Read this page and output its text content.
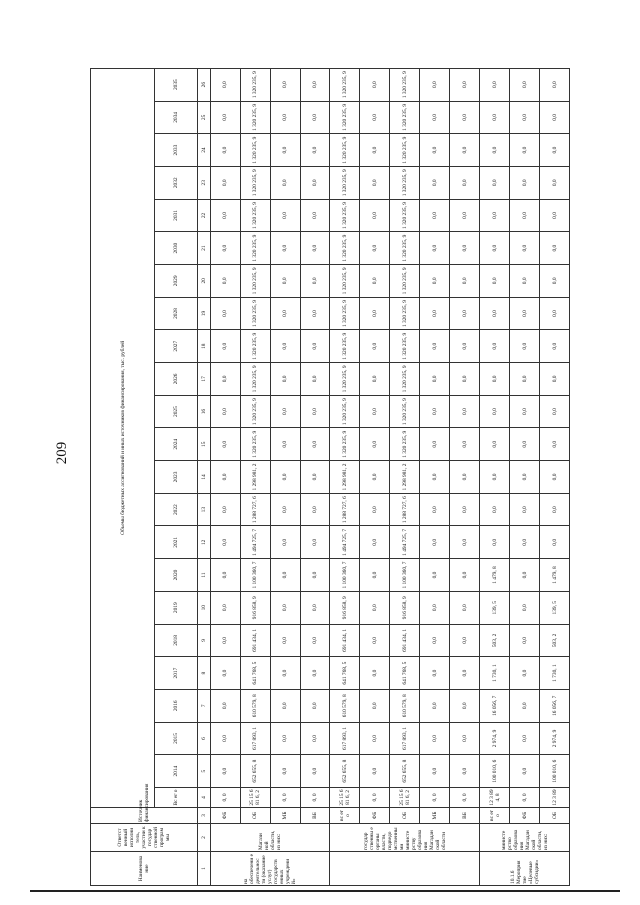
209
Наименова ние	Ответст венный исполни тель, участни к государ ственной програм мы	Источник финансирования	Объемы бюджетных ассигнований и иных источников финансирования, тыс. рублей																						
			Вс ег о	2014	2015	2016	2017	2018	2019	2020	2021	2022	2023	2024	2025	2026	2027	2028	2029	2030	2031	2032	2033	2034	2035
1	2	3	4	5	6	7	8	9	10	11	12	13	14	15	16	17	18	19	20	21	22	23	24	25	26
на обеспечени е деятельнос ти (оказание услуг) государств енных учреждени й»	Магази ной области, из них:	ФБ	0, 0	0,0	0,0	0,0	0,0	0,0	0,0	0,0	0,0	0,0	0,0	0,0	0,0	0,0	0,0	0,0	0,0	0,0	0,0	0,0	0,0	0,0	0,0
		ОБ	25 15 6 81 6, 2	652 655, 8	617 893, 1	610 579, 8	641 768, 5	691 434, 1	916 858, 9	1 100 360, 7	1 494 725, 7	1 288 727, 6	1 298 981, 2	1 320 235, 9	1 320 235, 9	1 320 235, 9	1 320 235, 9	1 320 235, 9	1 320 235, 9	1 320 235, 9	1 320 235, 9	1 320 235, 9	1 320 235, 9	1 320 235, 9	1 320 235, 9
		МБ	0, 0	0,0	0,0	0,0	0,0	0,0	0,0	0,0	0,0	0,0	0,0	0,0	0,0	0,0	0,0	0,0	0,0	0,0	0,0	0,0	0,0	0,0	0,0
		ВБ	0, 0	0,0	0,0	0,0	0,0	0,0	0,0	0,0	0,0	0,0	0,0	0,0	0,0	0,0	0,0	0,0	0,0	0,0	0,0	0,0	0,0	0,0	0,0
	государ ственны е органы власти, подведо мственны ми министе рству образова ния Магадан ской области	вс ег о	25 15 6 81 6, 2	652 655, 8	617 893, 1	610 579, 8	641 768, 5	691 434, 1	916 858, 9	1 100 360, 7	1 494 725, 7	1 288 727, 6	1 298 981, 2	1 320 235, 9	1 320 235, 9	1 320 235, 9	1 320 235, 9	1 320 235, 9	1 320 235, 9	1 320 235, 9	1 320 235, 9	1 320 235, 9	1 320 235, 9	1 320 235, 9	1 320 235, 9
		ФБ	0, 0	0,0	0,0	0,0	0,0	0,0	0,0	0,0	0,0	0,0	0,0	0,0	0,0	0,0	0,0	0,0	0,0	0,0	0,0	0,0	0,0	0,0	0,0
		ОБ	25 15 6 81 6, 2	652 655, 8	617 893, 1	610 579, 8	641 768, 5	691 434, 1	916 858, 9	1 100 360, 7	1 494 725, 7	1 288 727, 6	1 298 981, 2	1 320 235, 9	1 320 235, 9	1 320 235, 9	1 320 235, 9	1 320 235, 9	1 320 235, 9	1 320 235, 9	1 320 235, 9	1 320 235, 9	1 320 235, 9	1 320 235, 9	1 320 235, 9
		МБ	0, 0	0,0	0,0	0,0	0,0	0,0	0,0	0,0	0,0	0,0	0,0	0,0	0,0	0,0	0,0	0,0	0,0	0,0	0,0	0,0	0,0	0,0	0,0
		ВБ	0, 0	0,0	0,0	0,0	0,0	0,0	0,0	0,0	0,0	0,0	0,0	0,0	0,0	0,0	0,0	0,0	0,0	0,0	0,0	0,0	0,0	0,0	0,0
10.1.6 Мероприя тие «Целевые субсидии»	министе рство образова ния Магадан ской области, из них:	вс ег о	12 3 89 4, 8	100 010, 6	2 974, 9	16 056, 7	1 730, 1	503, 2	139, 5	1 479, 8	0,0	0,0	0,0	0,0	0,0	0,0	0,0	0,0	0,0	0,0	0,0	0,0	0,0	0,0	0,0
		ФБ	0, 0	0,0	0,0	0,0	0,0	0,0	0,0	0,0	0,0	0,0	0,0	0,0	0,0	0,0	0,0	0,0	0,0	0,0	0,0	0,0	0,0	0,0	0,0
		ОБ	12 3 89	100 010, 6	2 974, 9	16 056, 7	1 730, 1	503, 2	139, 5	1 479, 8	0,0	0,0	0,0	0,0	0,0	0,0	0,0	0,0	0,0	0,0	0,0	0,0	0,0	0,0	0,0
